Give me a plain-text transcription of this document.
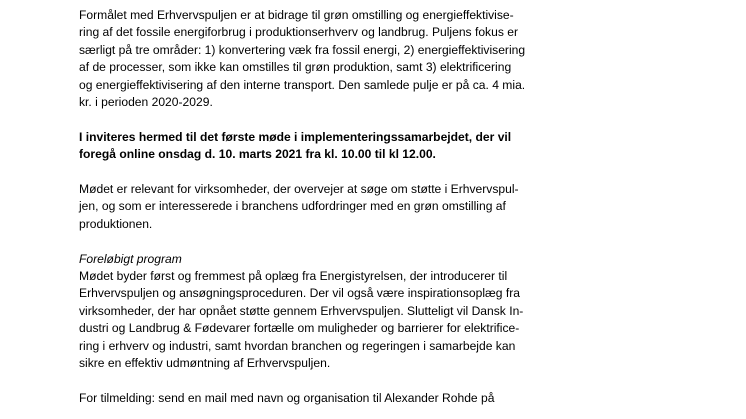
Formålet med Erhvervspuljen er at bidrage til grøn omstilling og energieffektivise-
ring af det fossile energiforbrug i produktionserhverv og landbrug. Puljens fokus er
særligt på tre områder: 1) konvertering væk fra fossil energi, 2) energieffektivisering
af de processer, som ikke kan omstilles til grøn produktion, samt 3) elektrificering
og energieffektivisering af den interne transport. Den samlede pulje er på ca. 4 mia.
kr. i perioden 2020-2029.
I inviteres hermed til det første møde i implementeringssamarbejdet, der vil
foregå online onsdag d. 10. marts 2021 fra kl. 10.00 til kl 12.00.
Mødet er relevant for virksomheder, der overvejer at søge om støtte i Erhvervspul-
jen, og som er interesserede i branchens udfordringer med en grøn omstilling af
produktionen.
Foreløbigt program
Mødet byder først og fremmest på oplæg fra Energistyrelsen, der introducerer til
Erhvervspuljen og ansøgningsproceduren. Der vil også være inspirationsoplæg fra
virksomheder, der har opnået støtte gennem Erhvervspuljen. Slutteligt vil Dansk In-
dustri og Landbrug & Fødevarer fortælle om muligheder og barrierer for elektrifice-
ring i erhverv og industri, samt hvordan branchen og regeringen i samarbejde kan
sikre en effektiv udmøntning af Erhvervspuljen.
For tilmelding: send en mail med navn og organisation til Alexander Rohde på
